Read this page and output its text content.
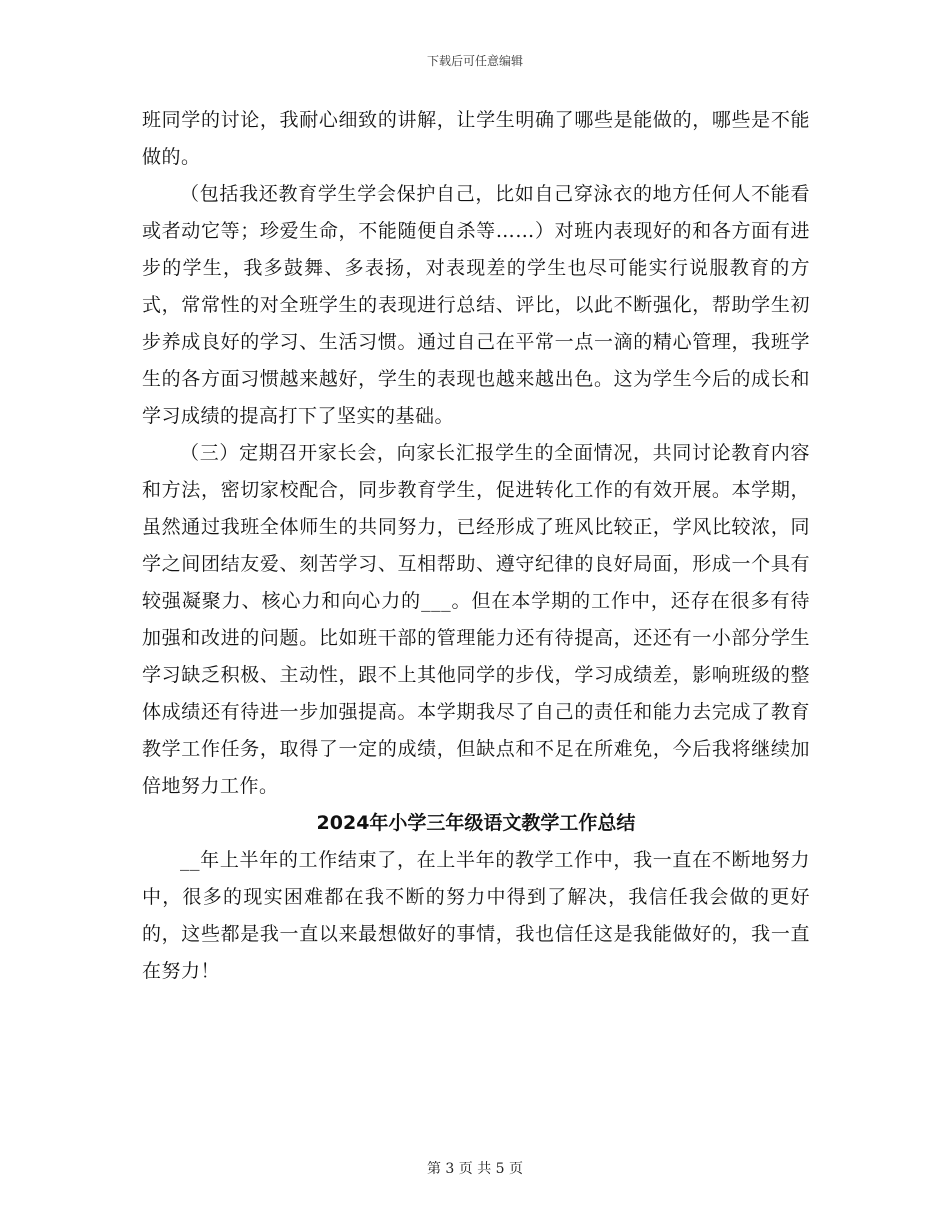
下载后可任意编辑

班同学的讨论，我耐心细致的讲解，让学生明确了哪些是能做的，哪些是不能做的。

（包括我还教育学生学会保护自己，比如自己穿泳衣的地方任何人不能看或者动它等；珍爱生命，不能随便自杀等……）对班内表现好的和各方面有进步的学生，我多鼓舞、多表扬，对表现差的学生也尽可能实行说服教育的方式，常常性的对全班学生的表现进行总结、评比，以此不断强化，帮助学生初步养成良好的学习、生活习惯。通过自己在平常一点一滴的精心管理，我班学生的各方面习惯越来越好，学生的表现也越来越出色。这为学生今后的成长和学习成绩的提高打下了坚实的基础。

（三）定期召开家长会，向家长汇报学生的全面情况，共同讨论教育内容和方法，密切家校配合，同步教育学生，促进转化工作的有效开展。本学期，虽然通过我班全体师生的共同努力，已经形成了班风比较正，学风比较浓，同学之间团结友爱、刻苦学习、互相帮助、遵守纪律的良好局面，形成一个具有较强凝聚力、核心力和向心力的___。但在本学期的工作中，还存在很多有待加强和改进的问题。比如班干部的管理能力还有待提高，还还有一小部分学生学习缺乏积极、主动性，跟不上其他同学的步伐，学习成绩差，影响班级的整体成绩还有待进一步加强提高。本学期我尽了自己的责任和能力去完成了教育教学工作任务，取得了一定的成绩，但缺点和不足在所难免，今后我将继续加倍地努力工作。

2024年小学三年级语文教学工作总结

__年上半年的工作结束了，在上半年的教学工作中，我一直在不断地努力中，很多的现实困难都在我不断的努力中得到了解决，我信任我会做的更好的，这些都是我一直以来最想做好的事情，我也信任这是我能做好的，我一直在努力！

第 3 页 共 5 页
